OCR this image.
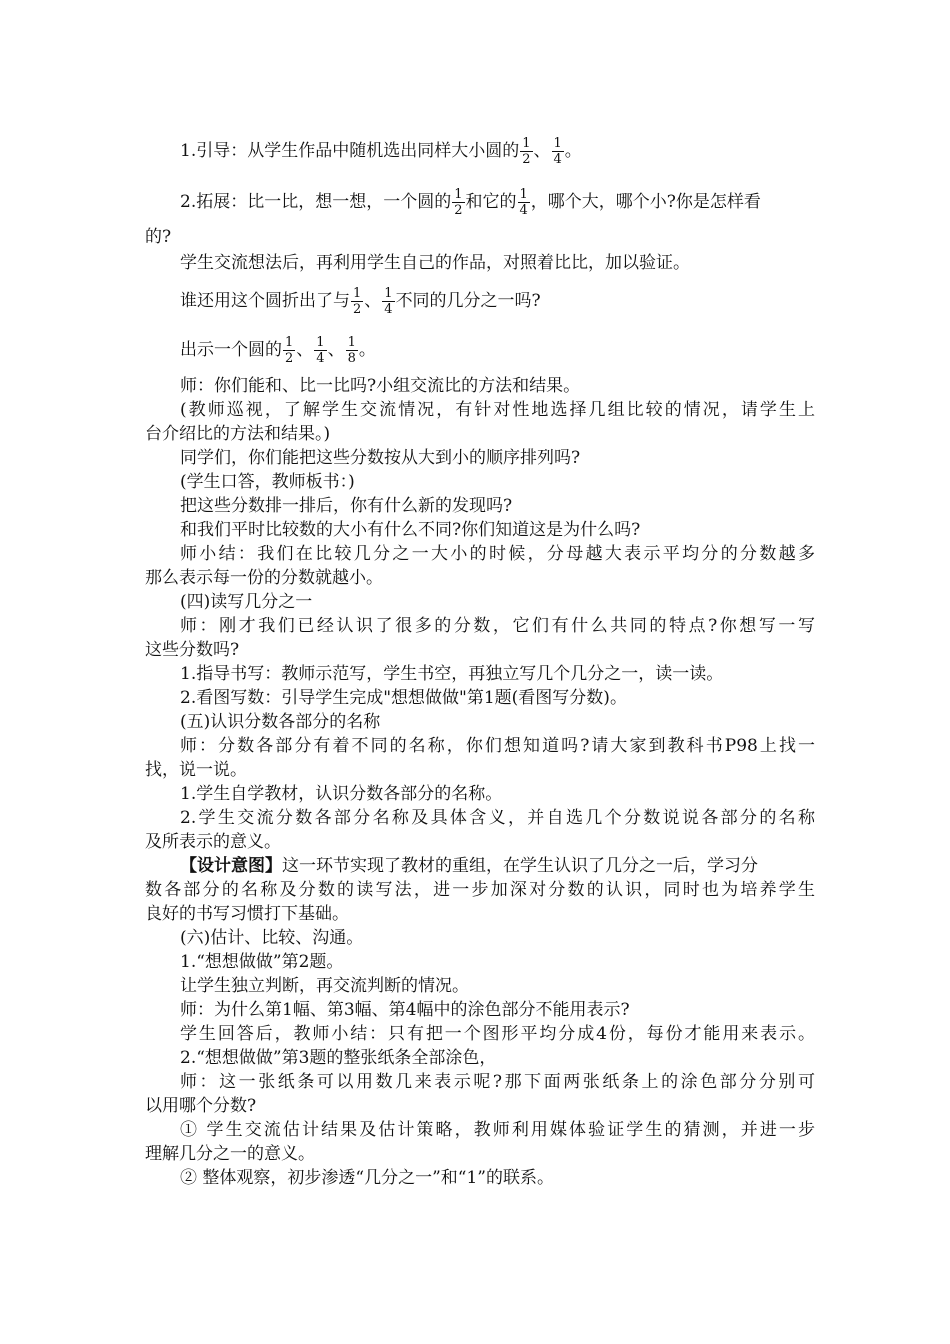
1.引导：从学生作品中随机选出同样大小圆的 $\frac{1}{2}$ 、 $\frac{1}{4}$ 。
2.拓展：比一比，想一想，一个圆的 $\frac{1}{2}$ 和它的 $\frac{1}{4}$ ，哪个大，哪个小?你是怎样看
的?
学生交流想法后，再利用学生自己的作品，对照着比比，加以验证。
谁还用这个圆折出了与 $\frac{1}{2}$ 、 $\frac{1}{4}$ 不同的几分之一吗?
出示一个圆的 $\frac{1}{2}$ 、 $\frac{1}{4}$ 、 $\frac{1}{8}$ 。
师：你们能和、比一比吗?小组交流比的方法和结果。
(教师巡视，了解学生交流情况，有针对性地选择几组比较的情况，请学生上
台介绍比的方法和结果。)
同学们，你们能把这些分数按从大到小的顺序排列吗?
(学生口答，教师板书：)
把这些分数排一排后，你有什么新的发现吗?
和我们平时比较数的大小有什么不同?你们知道这是为什么吗?
师小结：我们在比较几分之一大小的时候，分母越大表示平均分的分数越多
那么表示每一份的分数就越小。
(四)读写几分之一
师：刚才我们已经认识了很多的分数，它们有什么共同的特点?你想写一写
这些分数吗?
1.指导书写：教师示范写，学生书空，再独立写几个几分之一，读一读。
2.看图写数：引导学生完成"想想做做"第1题(看图写分数)。
(五)认识分数各部分的名称
师：分数各部分有着不同的名称，你们想知道吗?请大家到教科书P98上找一
找，说一说。
1.学生自学教材，认识分数各部分的名称。
2.学生交流分数各部分名称及具体含义，并自选几个分数说说各部分的名称
及所表示的意义。
【设计意图】这一环节实现了教材的重组，在学生认识了几分之一后，学习分
数各部分的名称及分数的读写法，进一步加深对分数的认识，同时也为培养学生
良好的书写习惯打下基础。
(六)估计、比较、沟通。
1.“想想做做”第2题。
让学生独立判断，再交流判断的情况。
师：为什么第1幅、第3幅、第4幅中的涂色部分不能用表示?
学生回答后，教师小结：只有把一个图形平均分成4份，每份才能用来表示。
2.“想想做做”第3题的整张纸条全部涂色，
师：这一张纸条可以用数几来表示呢?那下面两张纸条上的涂色部分分别可
以用哪个分数?
① 学生交流估计结果及估计策略，教师利用媒体验证学生的猜测，并进一步
理解几分之一的意义。
② 整体观察，初步渗透“几分之一”和“1”的联系。
